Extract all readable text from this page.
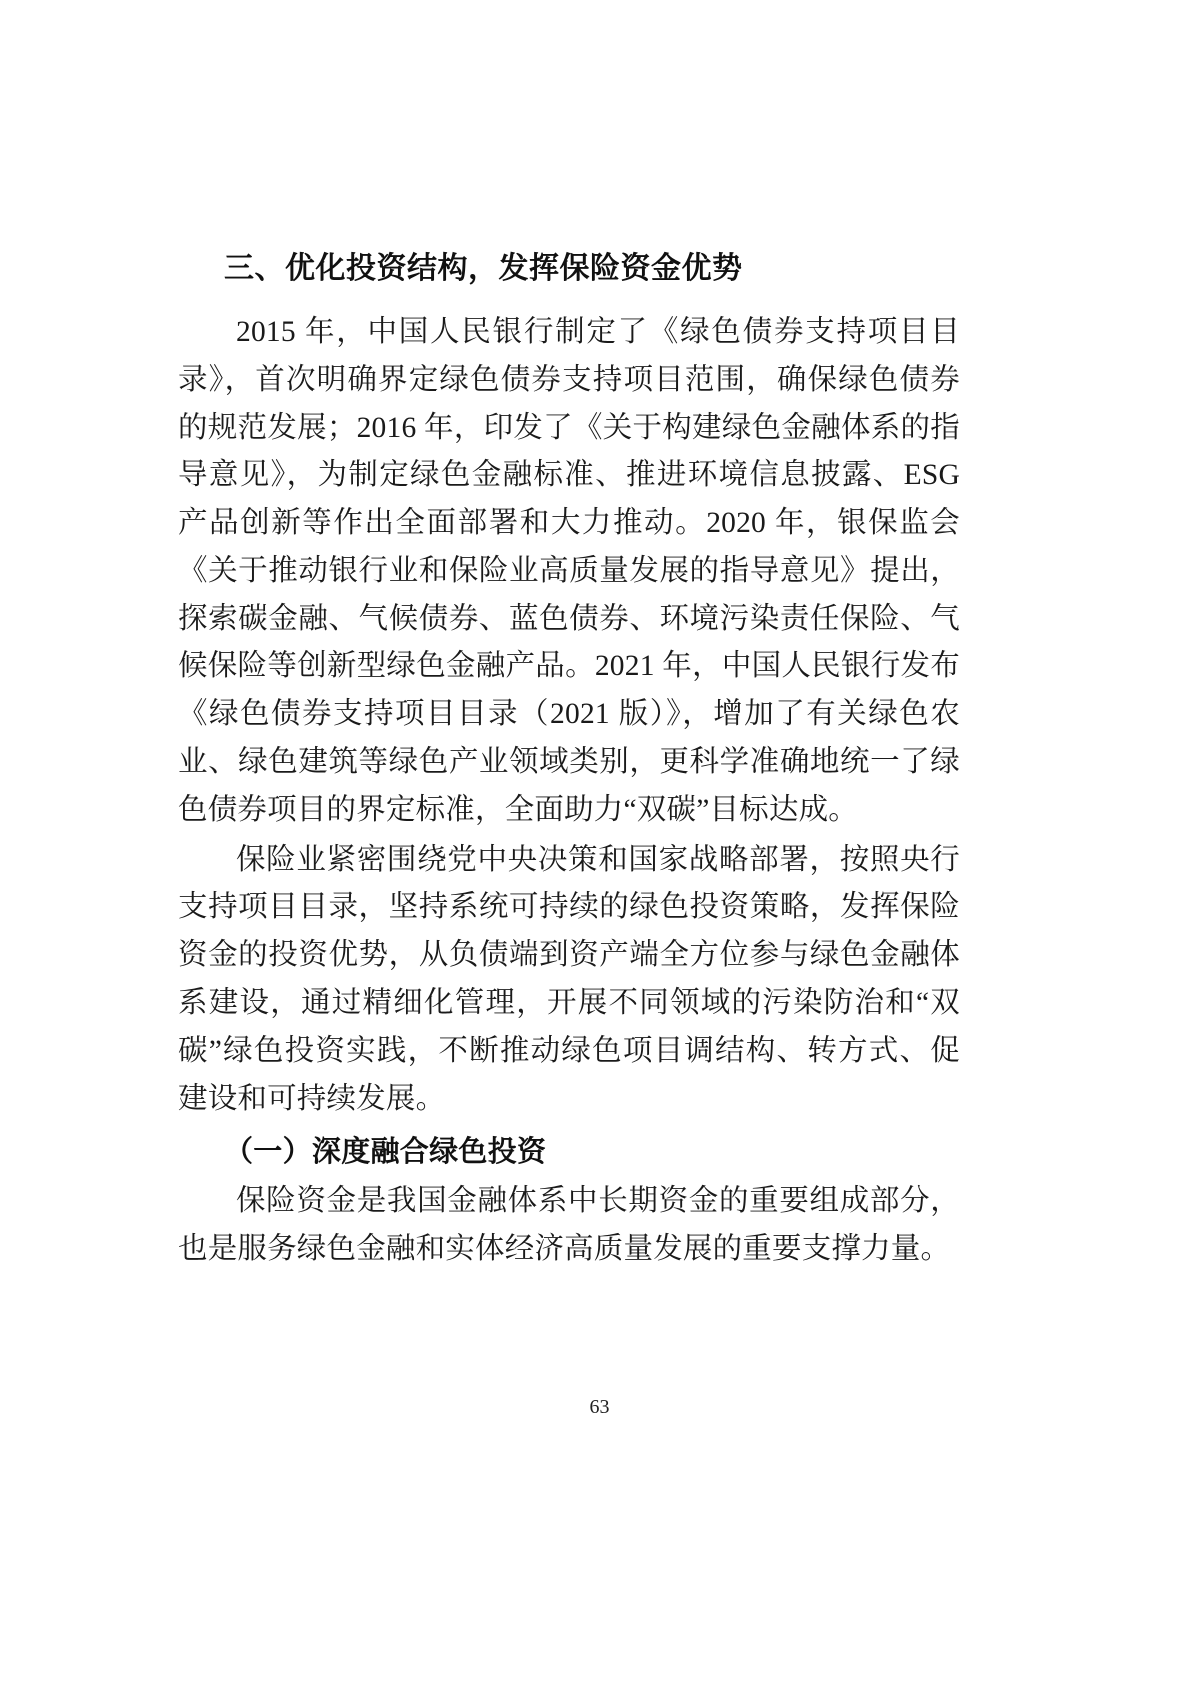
三、优化投资结构，发挥保险资金优势

2015 年，中国人民银行制定了《绿色债券支持项目目录》，首次明确界定绿色债券支持项目范围，确保绿色债券的规范发展；2016 年，印发了《关于构建绿色金融体系的指导意见》，为制定绿色金融标准、推进环境信息披露、ESG 产品创新等作出全面部署和大力推动。2020 年，银保监会《关于推动银行业和保险业高质量发展的指导意见》提出，探索碳金融、气候债券、蓝色债券、环境污染责任保险、气候保险等创新型绿色金融产品。2021 年，中国人民银行发布《绿色债券支持项目目录（2021 版）》，增加了有关绿色农业、绿色建筑等绿色产业领域类别，更科学准确地统一了绿色债券项目的界定标准，全面助力“双碳”目标达成。

保险业紧密围绕党中央决策和国家战略部署，按照央行支持项目目录，坚持系统可持续的绿色投资策略，发挥保险资金的投资优势，从负债端到资产端全方位参与绿色金融体系建设，通过精细化管理，开展不同领域的污染防治和“双碳”绿色投资实践，不断推动绿色项目调结构、转方式、促建设和可持续发展。

（一）深度融合绿色投资

保险资金是我国金融体系中长期资金的重要组成部分，也是服务绿色金融和实体经济高质量发展的重要支撑力量。

63
